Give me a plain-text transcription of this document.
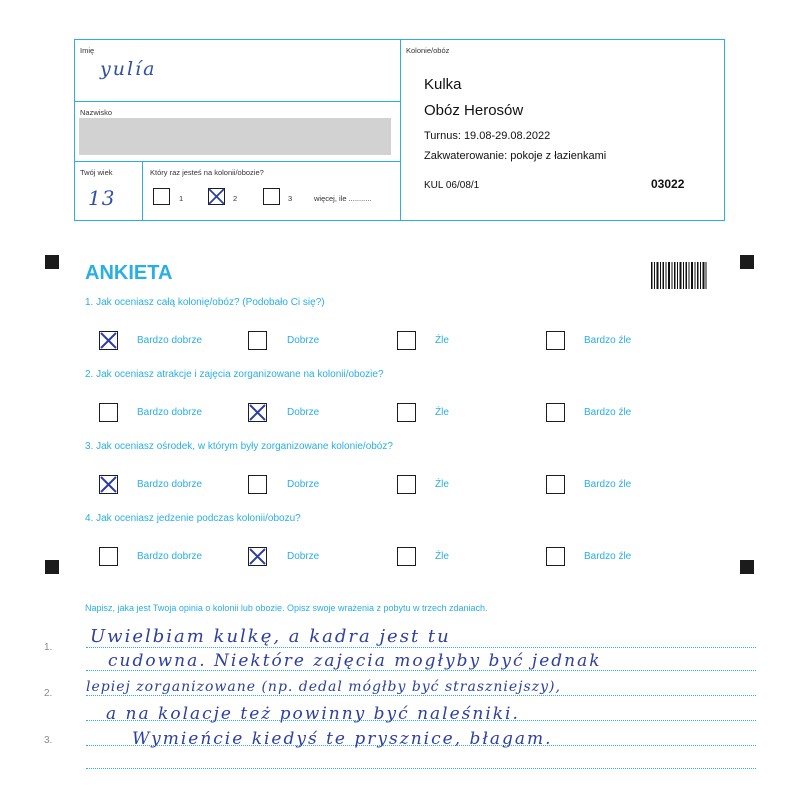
Imię
yulía
Nazwisko
Twój wiek
13
Który raz jesteś na kolonii/obozie?
1	2	3	więcej, ile ...........
Kolonie/obóz
Kulka
Obóz Herosów
Turnus: 19.08-29.08.2022
Zakwaterowanie: pokoje z łazienkami
KUL 06/08/1	03022
ANKIETA
1. Jak oceniasz całą kolonię/obóz? (Podobało Ci się?)
Bardzo dobrze	Dobrze	Źle	Bardzo źle
2. Jak oceniasz atrakcje i zajęcia zorganizowane na kolonii/obozie?
Bardzo dobrze	Dobrze	Źle	Bardzo źle
3. Jak oceniasz ośrodek, w którym były zorganizowane kolonie/obóz?
Bardzo dobrze	Dobrze	Źle	Bardzo źle
4. Jak oceniasz jedzenie podczas kolonii/obozu?
Bardzo dobrze	Dobrze	Źle	Bardzo źle
Napisz, jaka jest Twoja opinia o kolonii lub obozie. Opisz swoje wrażenia z pobytu w trzech zdaniach.
1.
2.
3.
Uwielbiam kulkę, a kadra jest tu
cudowna. Niektóre zajęcia mogłyby być jednak
lepiej zorganizowane (np. dedal mógłby być straszniejszy),
a na kolacje też powinny być naleśniki.
Wymieńcie kiedyś te prysznice, błagam.
